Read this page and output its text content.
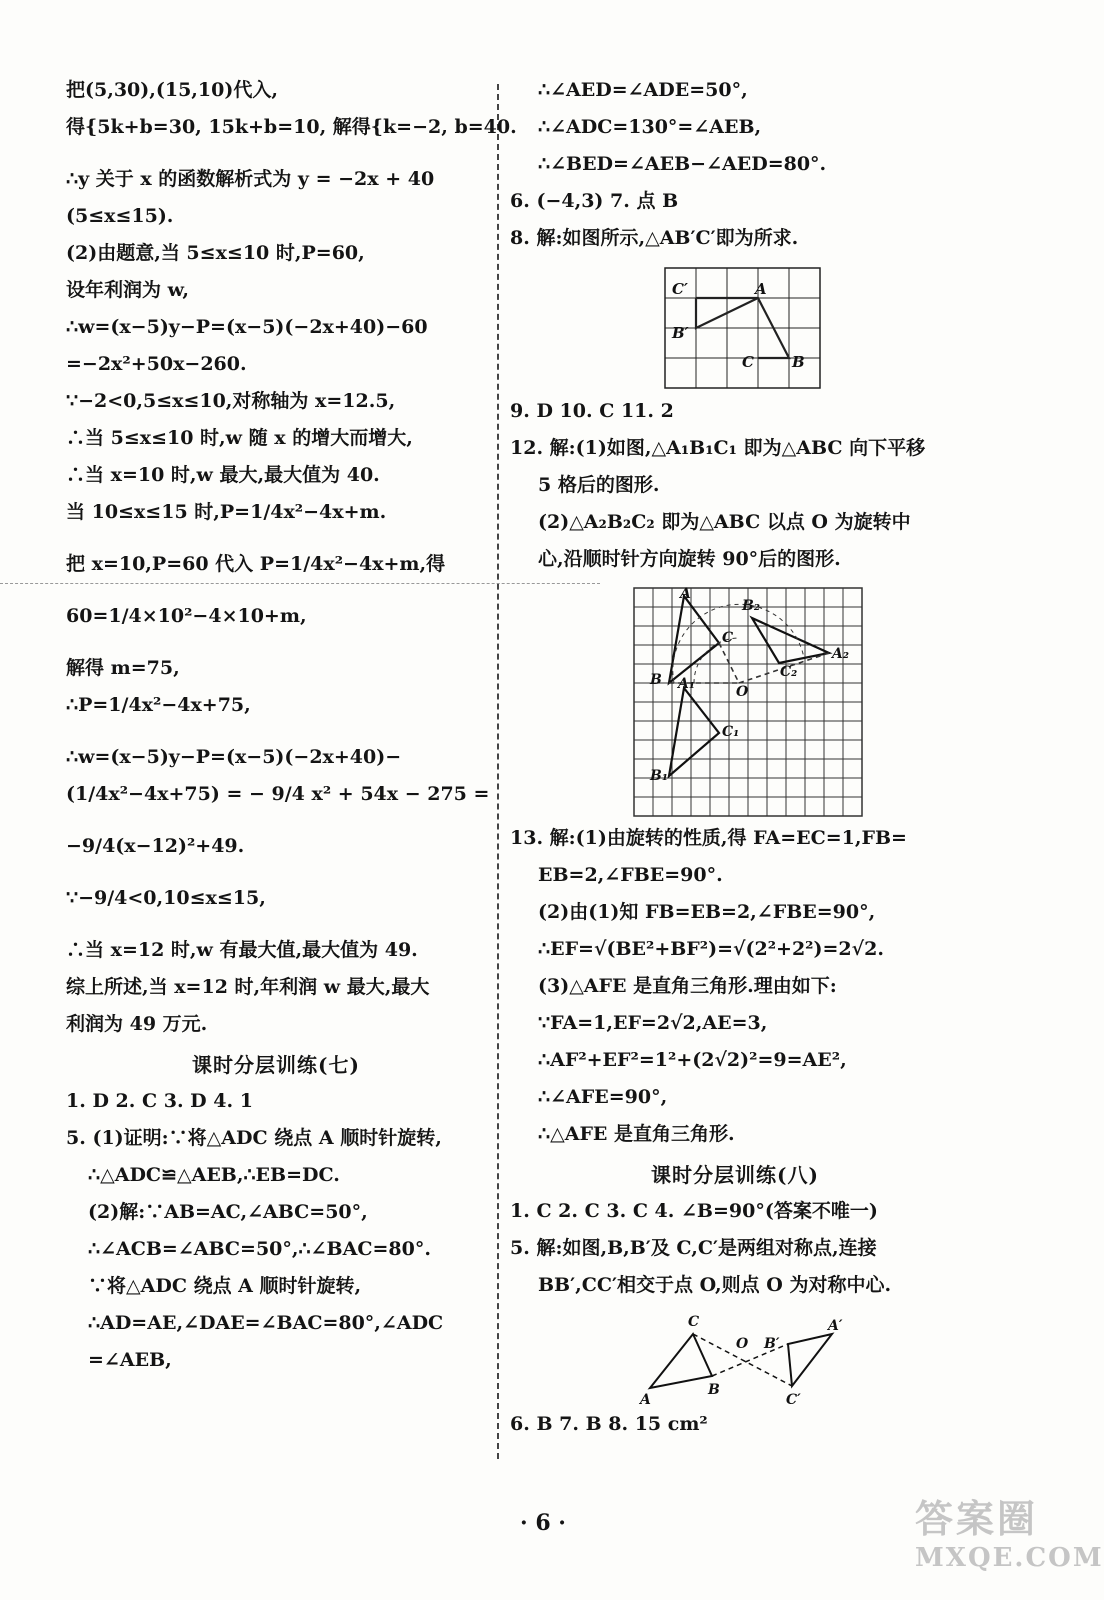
把(5,30),(15,10)代入,
得{5k+b=30, 15k+b=10, 解得{k=−2, b=40.
∴y 关于 x 的函数解析式为 y = −2x + 40
(5≤x≤15).
(2)由题意,当 5≤x≤10 时,P=60,
设年利润为 w,
∴w=(x−5)y−P=(x−5)(−2x+40)−60
=−2x²+50x−260.
∵−2<0,5≤x≤10,对称轴为 x=12.5,
∴当 5≤x≤10 时,w 随 x 的增大而增大,
∴当 x=10 时,w 最大,最大值为 40.
当 10≤x≤15 时,P=1/4x²−4x+m.
把 x=10,P=60 代入 P=1/4x²−4x+m,得
60=1/4×10²−4×10+m,
解得 m=75,
∴P=1/4x²−4x+75,
∴w=(x−5)y−P=(x−5)(−2x+40)−
(1/4x²−4x+75) = − 9/4 x² + 54x − 275 =
−9/4(x−12)²+49.
∵−9/4<0,10≤x≤15,
∴当 x=12 时,w 有最大值,最大值为 49.
综上所述,当 x=12 时,年利润 w 最大,最大
利润为 49 万元.
课时分层训练(七)
1. D 2. C 3. D 4. 1
5. (1)证明:∵将△ADC 绕点 A 顺时针旋转,
∴△ADC≌△AEB,∴EB=DC.
(2)解:∵AB=AC,∠ABC=50°,
∴∠ACB=∠ABC=50°,∴∠BAC=80°.
∵将△ADC 绕点 A 顺时针旋转,
∴AD=AE,∠DAE=∠BAC=80°,∠ADC
=∠AEB,
∴∠AED=∠ADE=50°,
∴∠ADC=130°=∠AEB,
∴∠BED=∠AEB−∠AED=80°.
6. (−4,3) 7. 点 B
8. 解:如图所示,△AB′C′即为所求.
C′	A
B′
C	B
9. D 10. C 11. 2
12. 解:(1)如图,△A₁B₁C₁ 即为△ABC 向下平移
5 格后的图形.
(2)△A₂B₂C₂ 即为△ABC 以点 O 为旋转中
心,沿顺时针方向旋转 90°后的图形.
A
B
C
B₂
A₂
C₂
O
A₁
C₁
B₁
13. 解:(1)由旋转的性质,得 FA=EC=1,FB=
EB=2,∠FBE=90°.
(2)由(1)知 FB=EB=2,∠FBE=90°,
∴EF=√(BE²+BF²)=√(2²+2²)=2√2.
(3)△AFE 是直角三角形.理由如下:
∵FA=1,EF=2√2,AE=3,
∴AF²+EF²=1²+(2√2)²=9=AE²,
∴∠AFE=90°,
∴△AFE 是直角三角形.
课时分层训练(八)
1. C 2. C 3. C 4. ∠B=90°(答案不唯一)
5. 解:如图,B,B′及 C,C′是两组对称点,连接
BB′,CC′相交于点 O,则点 O 为对称中心.
C
O B′
A′
A
B
C′
6. B 7. B 8. 15 cm²
· 6 ·	答案圈
MXQE.COM
